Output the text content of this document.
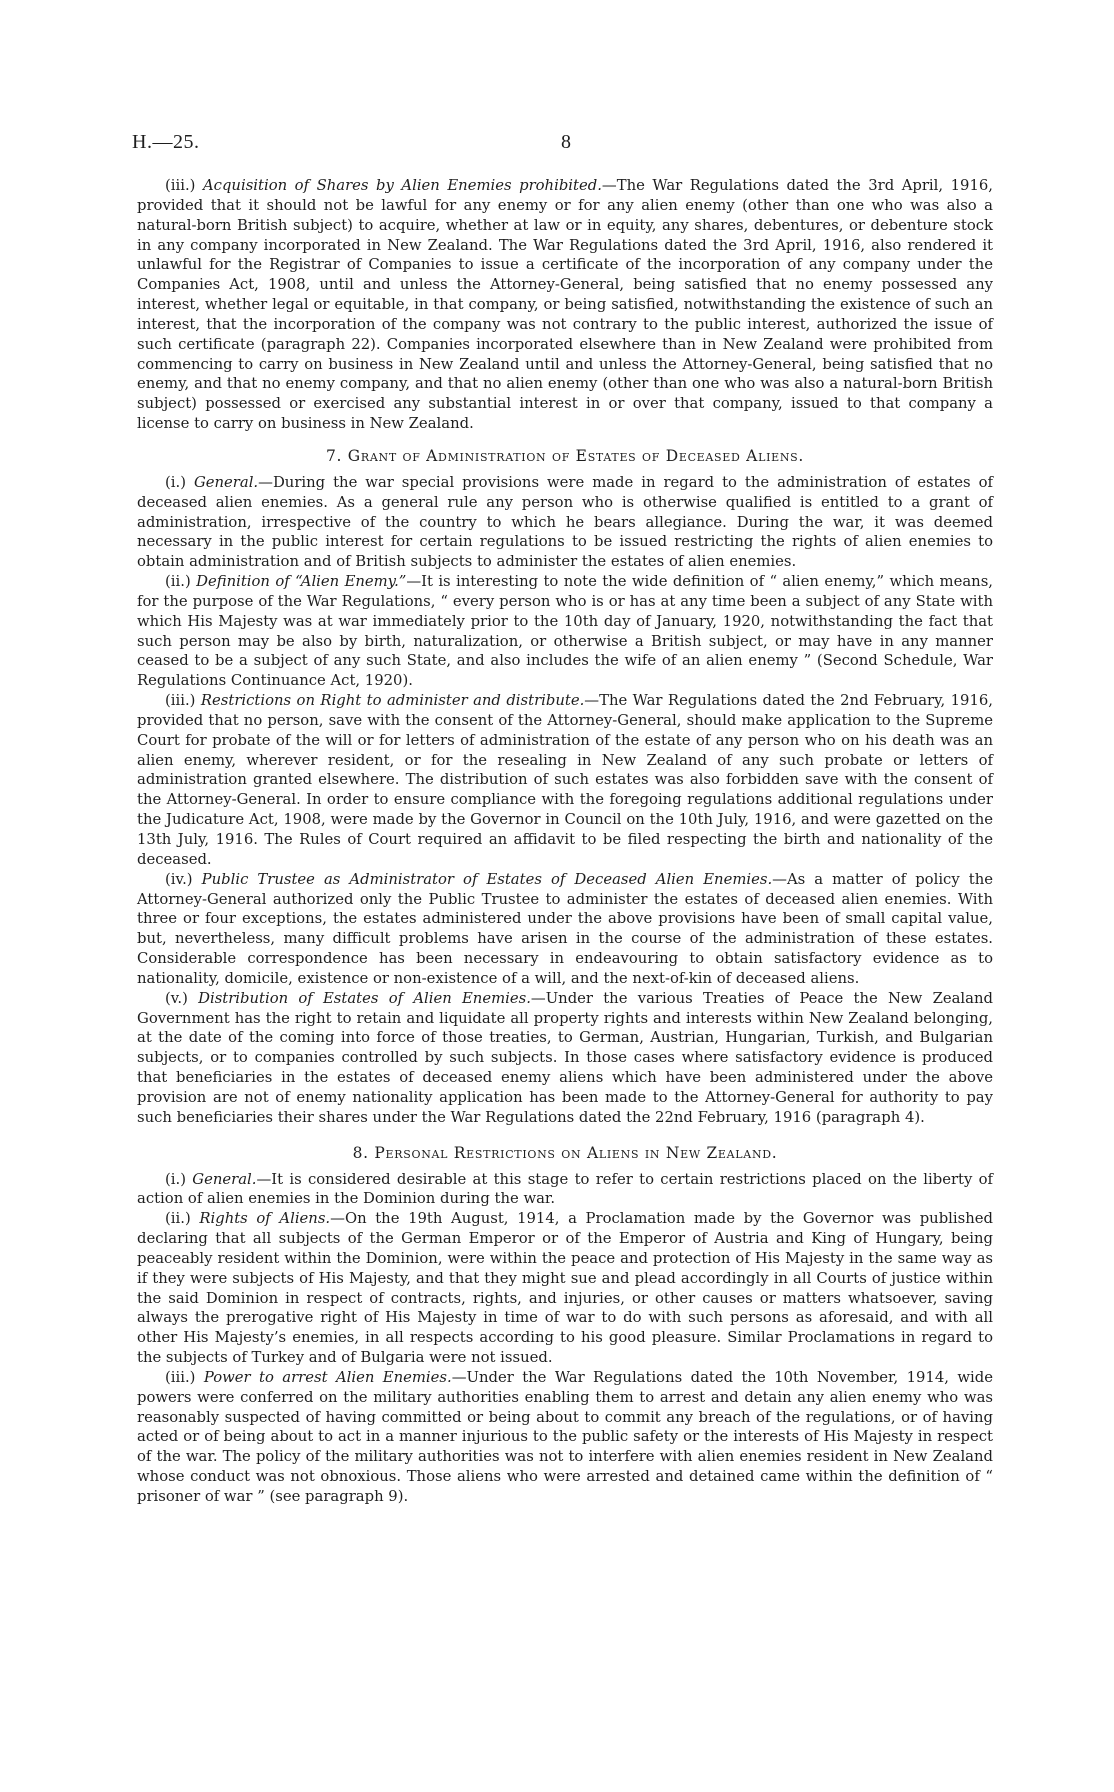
H.—25.	8

(iii.) Acquisition of Shares by Alien Enemies prohibited.—The War Regulations dated the 3rd April, 1916, provided that it should not be lawful for any enemy or for any alien enemy (other than one who was also a natural-born British subject) to acquire, whether at law or in equity, any shares, debentures, or debenture stock in any company incorporated in New Zealand. The War Regulations dated the 3rd April, 1916, also rendered it unlawful for the Registrar of Companies to issue a certificate of the incorporation of any company under the Companies Act, 1908, until and unless the Attorney-General, being satisfied that no enemy possessed any interest, whether legal or equitable, in that company, or being satisfied, notwithstanding the existence of such an interest, that the incorporation of the company was not contrary to the public interest, authorized the issue of such certificate (paragraph 22). Companies incorporated elsewhere than in New Zealand were prohibited from commencing to carry on business in New Zealand until and unless the Attorney-General, being satisfied that no enemy, and that no enemy company, and that no alien enemy (other than one who was also a natural-born British subject) possessed or exercised any substantial interest in or over that company, issued to that company a license to carry on business in New Zealand.

7. Grant of Administration of Estates of Deceased Aliens.

(i.) General.—During the war special provisions were made in regard to the administration of estates of deceased alien enemies. As a general rule any person who is otherwise qualified is entitled to a grant of administration, irrespective of the country to which he bears allegiance. During the war, it was deemed necessary in the public interest for certain regulations to be issued restricting the rights of alien enemies to obtain administration and of British subjects to administer the estates of alien enemies.

(ii.) Definition of “Alien Enemy.”—It is interesting to note the wide definition of “ alien enemy,” which means, for the purpose of the War Regulations, “ every person who is or has at any time been a subject of any State with which His Majesty was at war immediately prior to the 10th day of January, 1920, notwithstanding the fact that such person may be also by birth, naturalization, or otherwise a British subject, or may have in any manner ceased to be a subject of any such State, and also includes the wife of an alien enemy ” (Second Schedule, War Regulations Continuance Act, 1920).

(iii.) Restrictions on Right to administer and distribute.—The War Regulations dated the 2nd February, 1916, provided that no person, save with the consent of the Attorney-General, should make application to the Supreme Court for probate of the will or for letters of administration of the estate of any person who on his death was an alien enemy, wherever resident, or for the resealing in New Zealand of any such probate or letters of administration granted elsewhere. The distribution of such estates was also forbidden save with the consent of the Attorney-General. In order to ensure compliance with the foregoing regulations additional regulations under the Judicature Act, 1908, were made by the Governor in Council on the 10th July, 1916, and were gazetted on the 13th July, 1916. The Rules of Court required an affidavit to be filed respecting the birth and nationality of the deceased.

(iv.) Public Trustee as Administrator of Estates of Deceased Alien Enemies.—As a matter of policy the Attorney-General authorized only the Public Trustee to administer the estates of deceased alien enemies. With three or four exceptions, the estates administered under the above provisions have been of small capital value, but, nevertheless, many difficult problems have arisen in the course of the administration of these estates. Considerable correspondence has been necessary in endeavouring to obtain satisfactory evidence as to nationality, domicile, existence or non-existence of a will, and the next-of-kin of deceased aliens.

(v.) Distribution of Estates of Alien Enemies.—Under the various Treaties of Peace the New Zealand Government has the right to retain and liquidate all property rights and interests within New Zealand belonging, at the date of the coming into force of those treaties, to German, Austrian, Hungarian, Turkish, and Bulgarian subjects, or to companies controlled by such subjects. In those cases where satisfactory evidence is produced that beneficiaries in the estates of deceased enemy aliens which have been administered under the above provision are not of enemy nationality application has been made to the Attorney-General for authority to pay such beneficiaries their shares under the War Regulations dated the 22nd February, 1916 (paragraph 4).

8. Personal Restrictions on Aliens in New Zealand.

(i.) General.—It is considered desirable at this stage to refer to certain restrictions placed on the liberty of action of alien enemies in the Dominion during the war.

(ii.) Rights of Aliens.—On the 19th August, 1914, a Proclamation made by the Governor was published declaring that all subjects of the German Emperor or of the Emperor of Austria and King of Hungary, being peaceably resident within the Dominion, were within the peace and protection of His Majesty in the same way as if they were subjects of His Majesty, and that they might sue and plead accordingly in all Courts of justice within the said Dominion in respect of contracts, rights, and injuries, or other causes or matters whatsoever, saving always the prerogative right of His Majesty in time of war to do with such persons as aforesaid, and with all other His Majesty’s enemies, in all respects according to his good pleasure. Similar Proclamations in regard to the subjects of Turkey and of Bulgaria were not issued.

(iii.) Power to arrest Alien Enemies.—Under the War Regulations dated the 10th November, 1914, wide powers were conferred on the military authorities enabling them to arrest and detain any alien enemy who was reasonably suspected of having committed or being about to commit any breach of the regulations, or of having acted or of being about to act in a manner injurious to the public safety or the interests of His Majesty in respect of the war. The policy of the military authorities was not to interfere with alien enemies resident in New Zealand whose conduct was not obnoxious. Those aliens who were arrested and detained came within the definition of “ prisoner of war ” (see paragraph 9).
